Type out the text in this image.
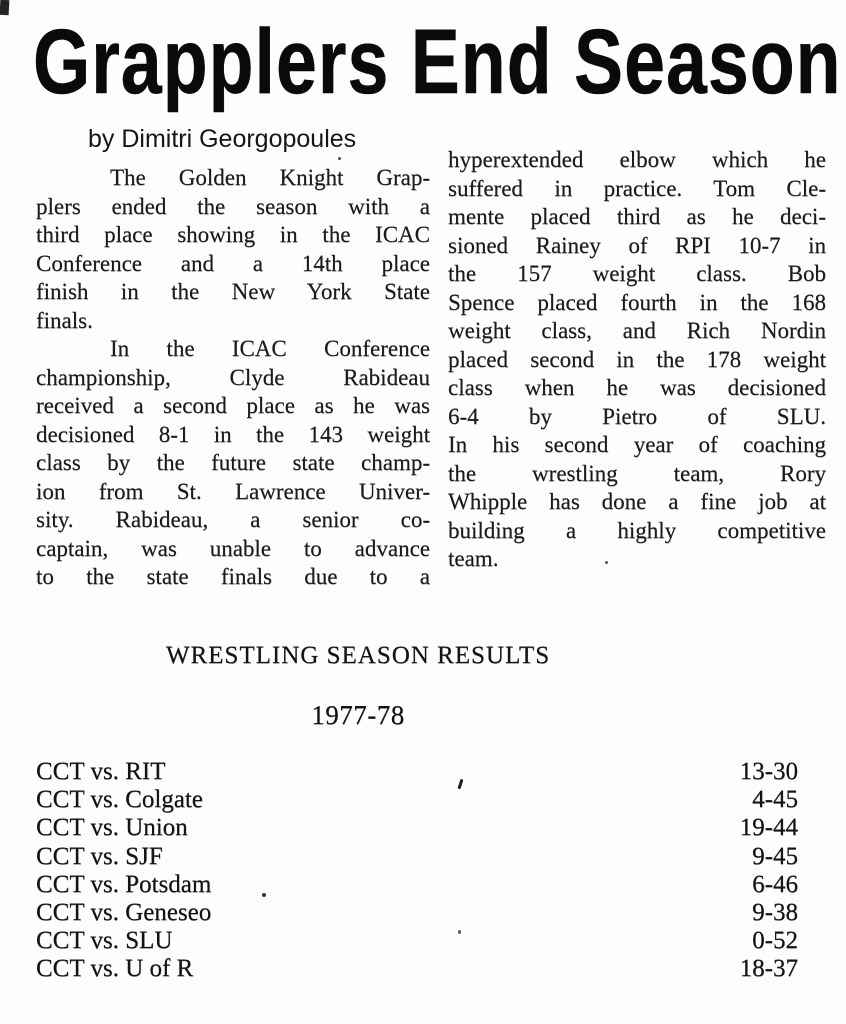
Grapplers End Season
by Dimitri Georgopoules
The Golden Knight Grap-
plers ended the season with a
third place showing in the ICAC
Conference and a 14th place
finish in the New York State
finals.
In the ICAC Conference
championship, Clyde Rabideau
received a second place as he was
decisioned 8-1 in the 143 weight
class by the future state champ-
ion from St. Lawrence Univer-
sity. Rabideau, a senior co-
captain, was unable to advance
to the state finals due to a
hyperextended elbow which he
suffered in practice. Tom Cle-
mente placed third as he deci-
sioned Rainey of RPI 10-7 in
the 157 weight class. Bob
Spence placed fourth in the 168
weight class, and Rich Nordin
placed second in the 178 weight
class when he was decisioned
6-4 by Pietro of SLU.
In his second year of coaching
the wrestling team, Rory
Whipple has done a fine job at
building a highly competitive
team.
WRESTLING SEASON RESULTS
1977-78
CCT vs. RIT	13-30
CCT vs. Colgate	4-45
CCT vs. Union	19-44
CCT vs. SJF	9-45
CCT vs. Potsdam	6-46
CCT vs. Geneseo	9-38
CCT vs. SLU	0-52
CCT vs. U of R	18-37
